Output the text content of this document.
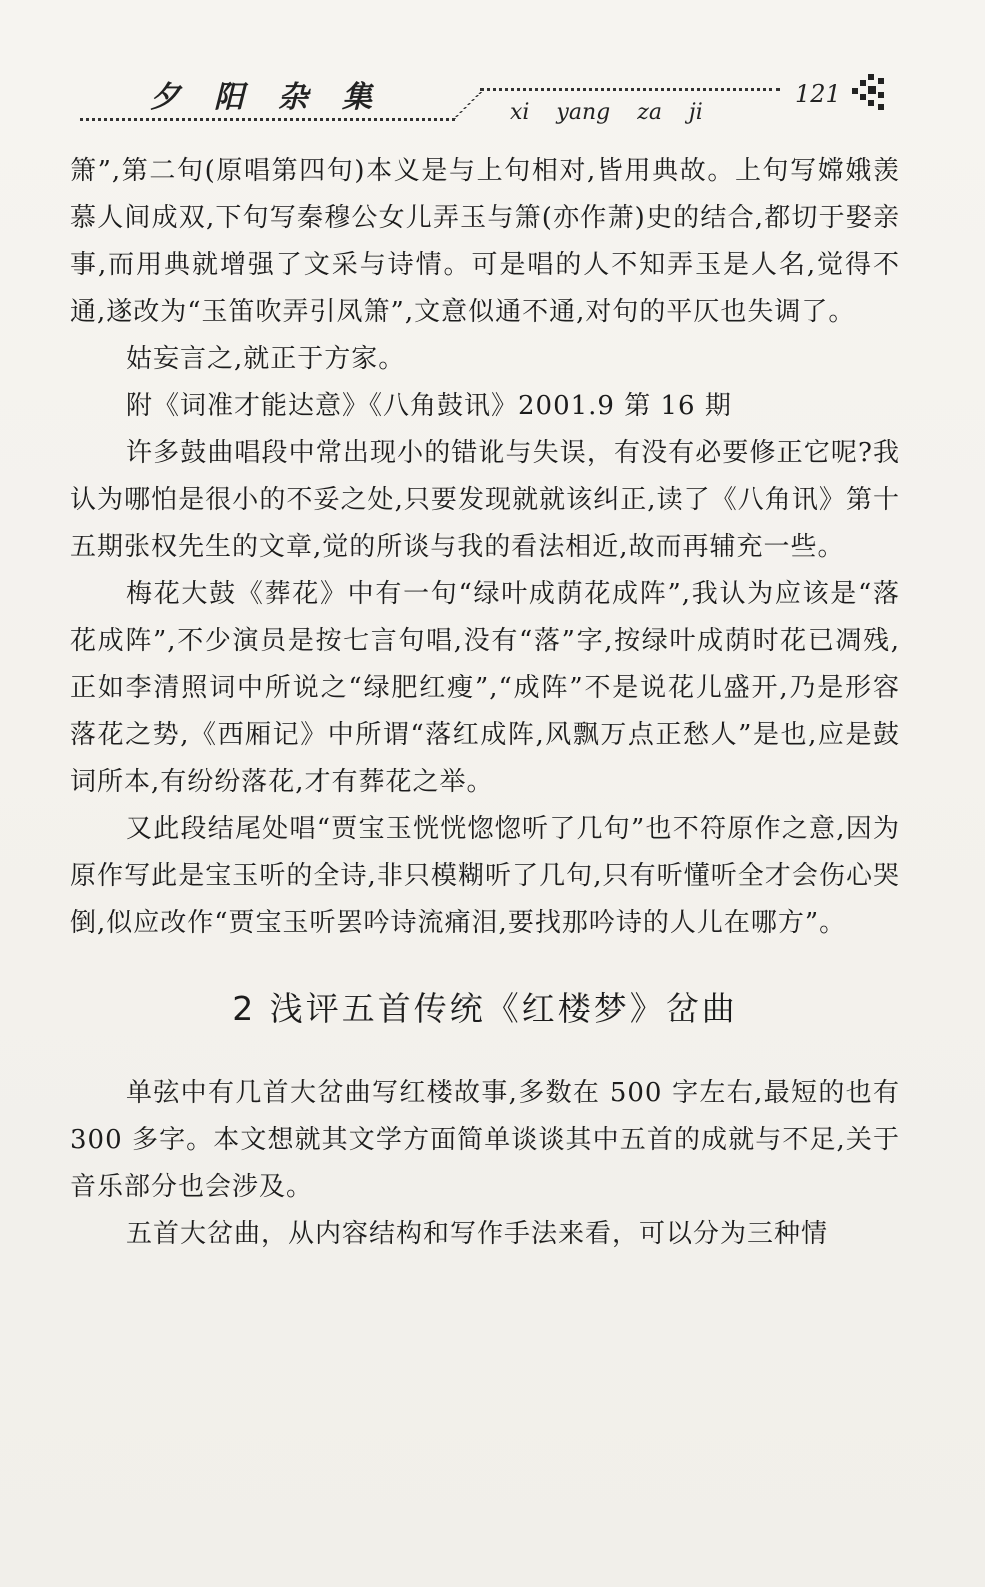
夕阳杂集	xi yang za ji
121

箫”,第二句(原唱第四句)本义是与上句相对,皆用典故。上句写嫦娥羡慕人间成双,下句写秦穆公女儿弄玉与箫(亦作萧)史的结合,都切于娶亲事,而用典就增强了文采与诗情。可是唱的人不知弄玉是人名,觉得不通,遂改为“玉笛吹弄引凤箫”,文意似通不通,对句的平仄也失调了。

姑妄言之,就正于方家。

附《词准才能达意》《八角鼓讯》2001.9 第 16 期

许多鼓曲唱段中常出现小的错讹与失误，有没有必要修正它呢?我认为哪怕是很小的不妥之处,只要发现就就该纠正,读了《八角讯》第十五期张权先生的文章,觉的所谈与我的看法相近,故而再辅充一些。

梅花大鼓《葬花》中有一句“绿叶成荫花成阵”,我认为应该是“落花成阵”,不少演员是按七言句唱,没有“落”字,按绿叶成荫时花已凋残,正如李清照词中所说之“绿肥红瘦”,“成阵”不是说花儿盛开,乃是形容落花之势,《西厢记》中所谓“落红成阵,风飘万点正愁人”是也,应是鼓词所本,有纷纷落花,才有葬花之举。

又此段结尾处唱“贾宝玉恍恍惚惚听了几句”也不符原作之意,因为原作写此是宝玉听的全诗,非只模糊听了几句,只有听懂听全才会伤心哭倒,似应改作“贾宝玉听罢吟诗流痛泪,要找那吟诗的人儿在哪方”。

2 浅评五首传统《红楼梦》岔曲

单弦中有几首大岔曲写红楼故事,多数在 500 字左右,最短的也有 300 多字。本文想就其文学方面简单谈谈其中五首的成就与不足,关于音乐部分也会涉及。

五首大岔曲，从内容结构和写作手法来看，可以分为三种情
